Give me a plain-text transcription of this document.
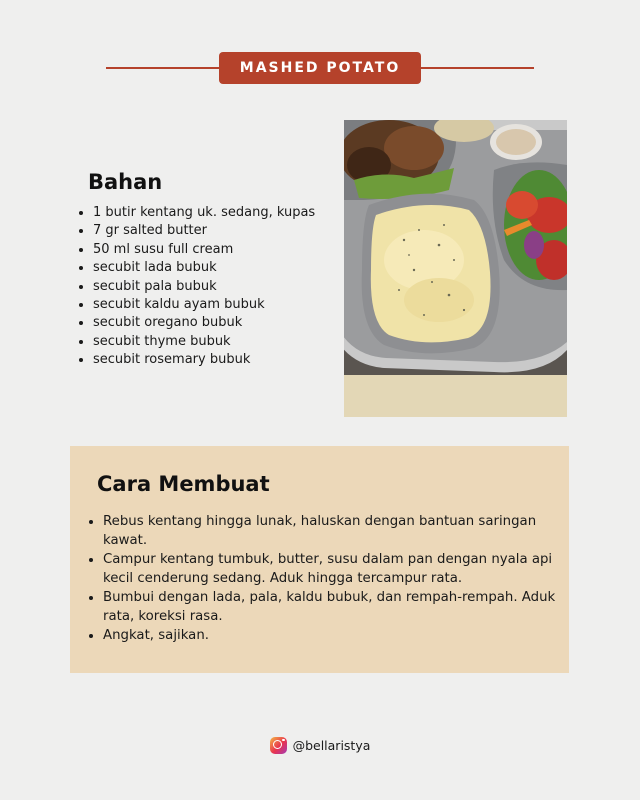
MASHED POTATO
Bahan
• 1 butir kentang uk. sedang, kupas
• 7 gr salted butter
• 50 ml susu full cream
• secubit lada bubuk
• secubit pala bubuk
• secubit kaldu ayam bubuk
• secubit oregano bubuk
• secubit thyme bubuk
• secubit rosemary bubuk
Cara Membuat
• Rebus kentang hingga lunak, haluskan dengan bantuan saringan kawat.
• Campur kentang tumbuk, butter, susu dalam pan dengan nyala api kecil cenderung sedang. Aduk hingga tercampur rata.
• Bumbui dengan lada, pala, kaldu bubuk, dan rempah-rempah. Aduk rata, koreksi rasa.
• Angkat, sajikan.
@bellaristya
